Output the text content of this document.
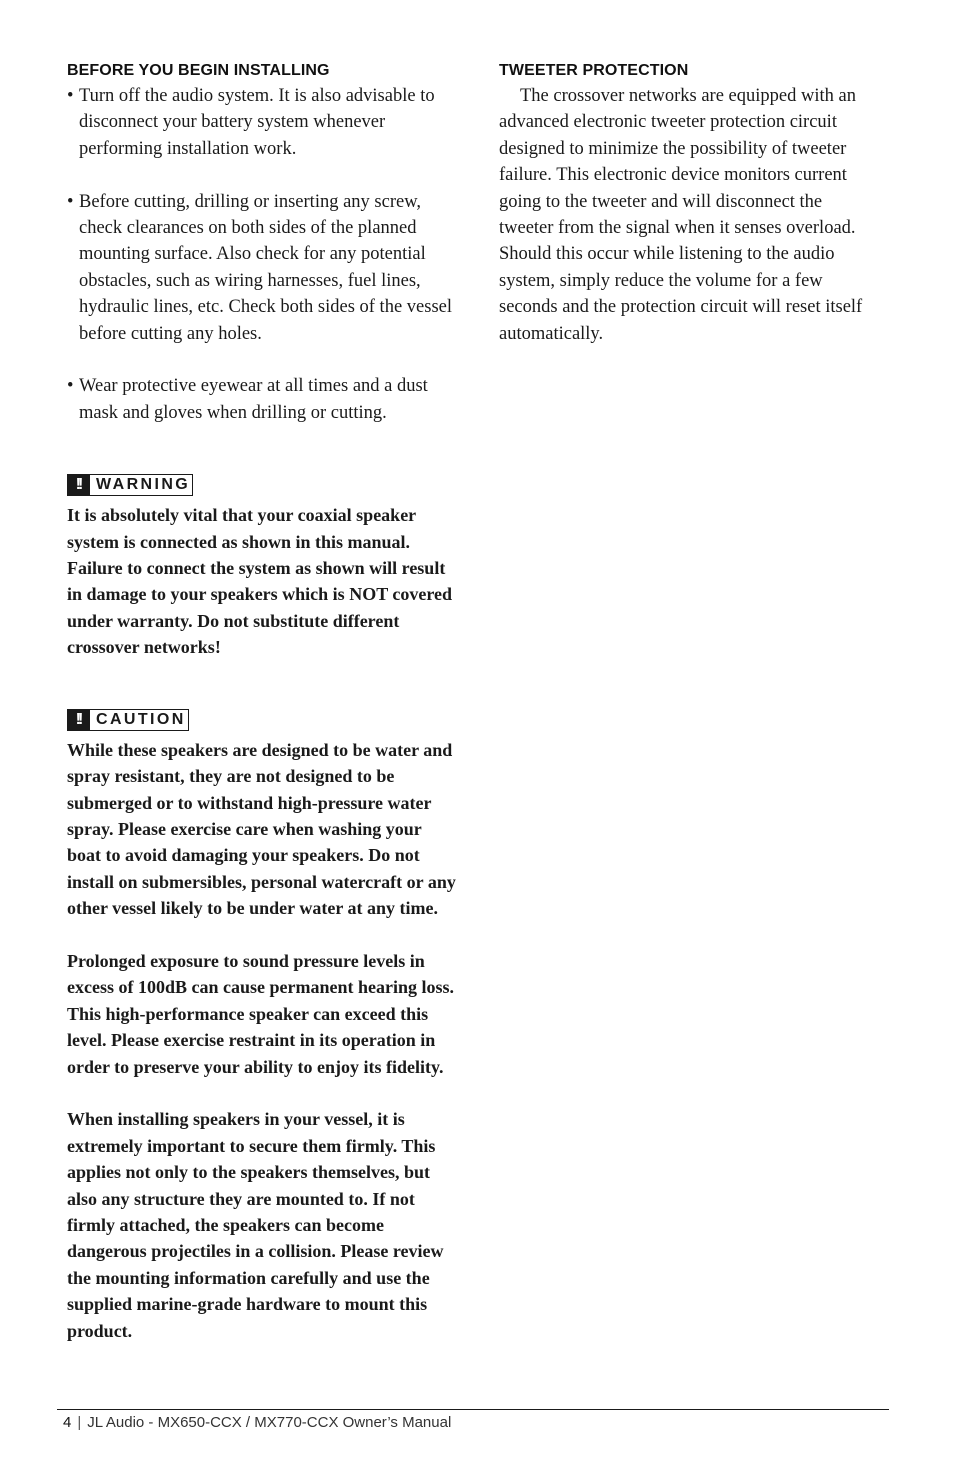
BEFORE YOU BEGIN INSTALLING

• Turn off the audio system. It is also advisable to disconnect your battery system whenever performing installation work.

• Before cutting, drilling or inserting any screw, check clearances on both sides of the planned mounting surface. Also check for any potential obstacles, such as wiring harnesses, fuel lines, hydraulic lines, etc. Check both sides of the vessel before cutting any holes.

• Wear protective eyewear at all times and a dust mask and gloves when drilling or cutting.

!! WARNING

It is absolutely vital that your coaxial speaker system is connected as shown in this manual. Failure to connect the system as shown will result in damage to your speakers which is NOT covered under warranty. Do not substitute different crossover networks!

!! CAUTION

While these speakers are designed to be water and spray resistant, they are not designed to be submerged or to withstand high-pressure water spray. Please exercise care when washing your boat to avoid damaging your speakers. Do not install on submersibles, personal watercraft or any other vessel likely to be under water at any time.

Prolonged exposure to sound pressure levels in excess of 100dB can cause permanent hearing loss. This high-performance speaker can exceed this level. Please exercise restraint in its operation in order to preserve your ability to enjoy its fidelity.

When installing speakers in your vessel, it is extremely important to secure them firmly. This applies not only to the speakers themselves, but also any structure they are mounted to. If not firmly attached, the speakers can become dangerous projectiles in a collision. Please review the mounting information carefully and use the supplied marine-grade hardware to mount this product.

TWEETER PROTECTION

The crossover networks are equipped with an advanced electronic tweeter protection circuit designed to minimize the possibility of tweeter failure. This electronic device monitors current going to the tweeter and will disconnect the tweeter from the signal when it senses overload. Should this occur while listening to the audio system, simply reduce the volume for a few seconds and the protection circuit will reset itself automatically.

4 | JL Audio - MX650-CCX / MX770-CCX Owner’s Manual
